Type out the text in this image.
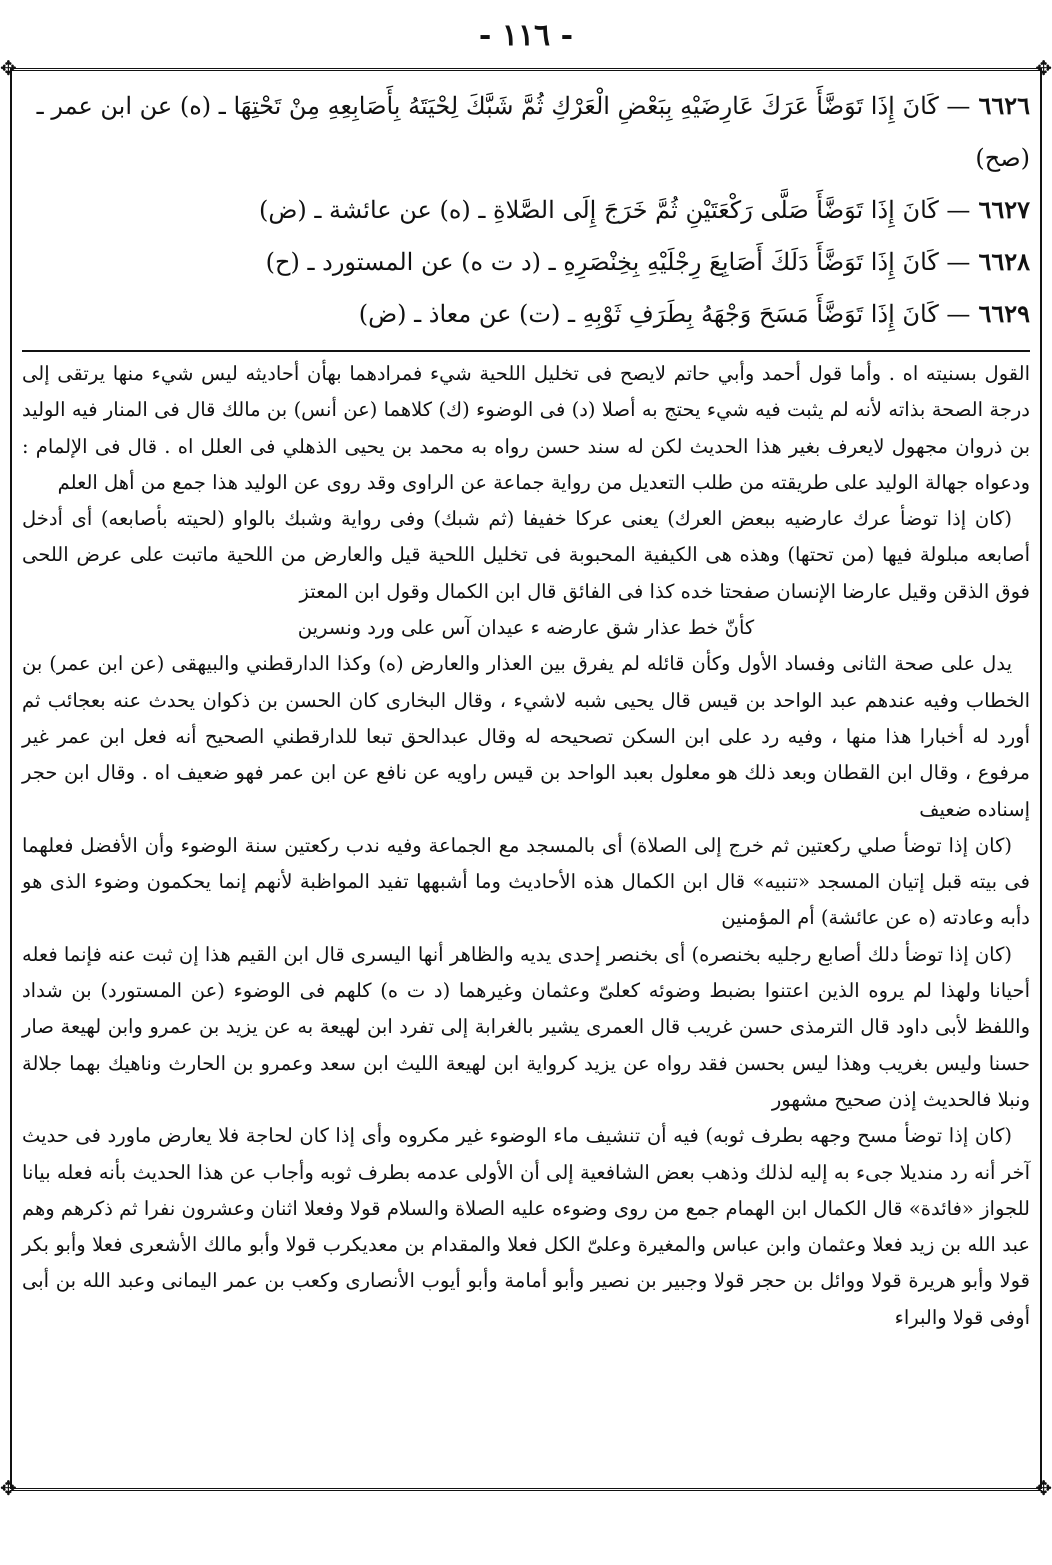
- ١١٦ -
✥	✥
✥	✥

٦٦٢٦— كَانَ إِذَا تَوَضَّأَ عَرَكَ عَارِضَيْهِ بِبَعْضِ الْعَرْكِ ثُمَّ شَبَّكَ لِحْيَتَهُ بِأَصَابِعِهِ مِنْ تَحْتِهَا ـ (ه) عن ابن عمر ـ (صح)

٦٦٢٧— كَانَ إِذَا تَوَضَّأَ صَلَّى رَكْعَتَيْنِ ثُمَّ خَرَجَ إِلَى الصَّلاةِ ـ (ه) عن عائشة ـ (ض)

٦٦٢٨— كَانَ إِذَا تَوَضَّأَ دَلَكَ أَصَابِعَ رِجْلَيْهِ بِخِنْصَرِهِ ـ (د ت ه) عن المستورد ـ (ح)

٦٦٢٩— كَانَ إِذَا تَوَضَّأَ مَسَحَ وَجْهَهُ بِطَرَفِ ثَوْبِهِ ـ (ت) عن معاذ ـ (ض)

القول بسنيته اه . وأما قول أحمد وأبي حاتم لايصح فى تخليل اللحية شيء فمرادهما بهأن أحاديثه ليس شيء منها يرتقى إلى درجة الصحة بذاته لأنه لم يثبت فيه شيء يحتج به أصلا (د) فى الوضوء (ك) كلاهما (عن أنس) بن مالك قال فى المنار فيه الوليد بن ذروان مجهول لايعرف بغير هذا الحديث لكن له سند حسن رواه به محمد بن يحيى الذهلي فى العلل اه . قال فى الإلمام : ودعواه جهالة الوليد على طريقته من طلب التعديل من رواية جماعة عن الراوى وقد روى عن الوليد هذا جمع من أهل العلم

(كان إذا توضأ عرك عارضيه ببعض العرك) يعنى عركا خفيفا (ثم شبك) وفى رواية وشبك بالواو (لحيته بأصابعه) أى أدخل أصابعه مبلولة فيها (من تحتها) وهذه هى الكيفية المحبوبة فى تخليل اللحية قيل والعارض من اللحية ماتبت على عرض اللحى فوق الذقن وقيل عارضا الإنسان صفحتا خده كذا فى الفائق قال ابن الكمال وقول ابن المعتز

كأنّ خط عذار شق عارضه ء عيدان آس على ورد ونسرين

يدل على صحة الثانى وفساد الأول وكأن قائله لم يفرق بين العذار والعارض (ه) وكذا الدارقطني والبيهقى (عن ابن عمر) بن الخطاب وفيه عندهم عبد الواحد بن قيس قال يحيى شبه لاشيء ، وقال البخارى كان الحسن بن ذكوان يحدث عنه بعجائب ثم أورد له أخبارا هذا منها ، وفيه رد على ابن السكن تصحيحه له وقال عبدالحق تبعا للدارقطني الصحيح أنه فعل ابن عمر غير مرفوع ، وقال ابن القطان وبعد ذلك هو معلول بعبد الواحد بن قيس راويه عن نافع عن ابن عمر فهو ضعيف اه . وقال ابن حجر إسناده ضعيف

(كان إذا توضأ صلي ركعتين ثم خرج إلى الصلاة) أى بالمسجد مع الجماعة وفيه ندب ركعتين سنة الوضوء وأن الأفضل فعلهما فى بيته قبل إتيان المسجد «تنبيه» قال ابن الكمال هذه الأحاديث وما أشبهها تفيد المواظبة لأنهم إنما يحكمون وضوء الذى هو دأبه وعادته (ه عن عائشة) أم المؤمنين

(كان إذا توضأ دلك أصابع رجليه بخنصره) أى بخنصر إحدى يديه والظاهر أنها اليسرى قال ابن القيم هذا إن ثبت عنه فإنما فعله أحيانا ولهذا لم يروه الذين اعتنوا بضبط وضوئه كعلىّ وعثمان وغيرهما (د ت ه) كلهم فى الوضوء (عن المستورد) بن شداد واللفظ لأبى داود قال الترمذى حسن غريب قال العمرى يشير بالغرابة إلى تفرد ابن لهيعة به عن يزيد بن عمرو وابن لهيعة صار حسنا وليس بغريب وهذا ليس بحسن فقد رواه عن يزيد كرواية ابن لهيعة الليث ابن سعد وعمرو بن الحارث وناهيك بهما جلالة ونبلا فالحديث إذن صحيح مشهور

(كان إذا توضأ مسح وجهه بطرف ثوبه) فيه أن تنشيف ماء الوضوء غير مكروه وأى إذا كان لحاجة فلا يعارض ماورد فى حديث آخر أنه رد منديلا جىء به إليه لذلك وذهب بعض الشافعية إلى أن الأولى عدمه بطرف ثوبه وأجاب عن هذا الحديث بأنه فعله بيانا للجواز «فائدة» قال الكمال ابن الهمام جمع من روى وضوءه عليه الصلاة والسلام قولا وفعلا اثنان وعشرون نفرا ثم ذكرهم وهم عبد الله بن زيد فعلا وعثمان وابن عباس والمغيرة وعلىّ الكل فعلا والمقدام بن معديكرب قولا وأبو مالك الأشعرى فعلا وأبو بكر قولا وأبو هريرة قولا ووائل بن حجر قولا وجبير بن نصير وأبو أمامة وأبو أيوب الأنصارى وكعب بن عمر اليمانى وعبد الله بن أبى أوفى قولا والبراء
